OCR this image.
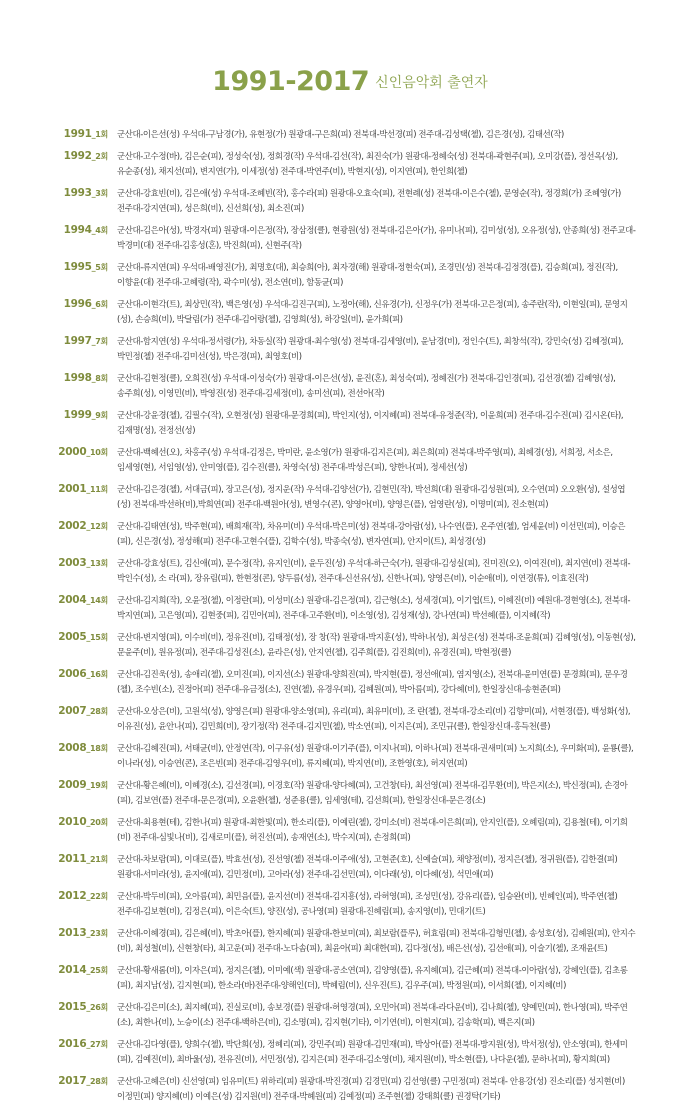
1991-2017 신인음악회 출연자
1991_1회 군산대-이은선(성) 우석대-구남경(가), 유현정(가) 원광대-구은희(피) 전북대-박선경(피) 전주대-김성택(첼), 김은경(성), 김태선(작)
1992_2회 군산대-고수정(바), 김은순(피), 정성숙(성), 정회경(작) 우석대-김선(작), 최진숙(가) 원광대-정혜숙(성) 전북대-곽현주(피), 오미강(플), 정선옥(성), 유순종(성), 채지선(피), 변지연(가), 이세정(성) 전주대-박연주(비), 박현지(성), 이지연(피), 한인희(첼)
1993_3회 군산대-강효빈(비), 김은애(성) 우석대-조혜빈(작), 홍수라(피) 원광대-오효숙(피), 전현례(성) 전북대-이은수(첼), 문영순(작), 정경희(가) 조혜영(가) 전주대-강지연(피), 성은희(비), 신선희(성), 최소진(피)
1994_4회 군산대-김은아(성), 박경자(피) 원광대-이은정(작), 장삼정(클), 현광원(성) 전북대-김은아(가), 유미나(피), 김미성(성), 오유정(성), 안종희(성) 전주교대-박경미(대) 전주대-김홍성(혼), 박진희(피), 신현주(작)
1995_5회 군산대-류지연(피) 우석대-배영진(가), 최명호(대), 최승희(아), 최자경(해) 원광대-정현숙(피), 조경민(성) 전북대-김정경(플), 김승희(피), 정진(작), 이향윤(대) 전주대-고혜령(작), 곽수미(성), 전소연(비), 함동균(피)
1996_6회 군산대-이현각(트), 최상민(작), 백은영(성) 우석대-김진구(피), 노정아(해), 신유경(가), 신정우(가) 전북대-고은정(피), 송주란(작), 이현일(피), 문영지(성), 손승희(비), 박달림(가) 전주대-김어랑(첼), 김영희(성), 하강일(비), 윤가희(피)
1997_7회 군산대-함지연(성) 우석대-정서령(가), 차동실(작) 원광대-최수영(성) 전북대-김세영(비), 윤남경(비), 정인수(트), 최창석(작), 강민숙(성) 김혜정(피), 박민정(첼) 전주대-김미선(성), 박은경(피), 최영호(비)
1998_8회 군산대-김현정(클), 오희진(성) 우석대-이성숙(가) 원광대-이은선(성), 윤진(혼), 최성숙(피), 정혜진(가) 전북대-김인경(피), 김선경(첼) 김혜영(성), 송주희(성), 이영민(비), 박영진(성) 전주대-김세정(비), 송미선(피), 전선아(작)
1999_9회 군산대-강윤경(첼), 김필수(작), 오현정(성) 원광대-문경희(피), 박인지(성), 이지혜(피) 전북대-유정준(작), 이윤희(피) 전주대-김수진(피) 김시온(타), 김재명(성), 전정선(성)
2000_10회 군산대-백혜선(오), 차홍주(성) 우석대-김정은, 박미란, 윤소영(가) 원광대-김지은(피), 최은희(피) 전북대-박주영(피), 최혜경(성), 서희정, 서소은, 임세영(현), 서임영(성), 안미영(플), 김수진(클), 차영숙(성) 전주대-박성은(피), 양한나(피), 정세선(성)
2001_11회 군산대-김은경(첼), 서대금(피), 장고은(성), 정지운(작) 우석대-김양선(가), 김현민(작), 박선희(대) 원광대-김성원(피), 오수연(피) 오오환(성), 설성엽(성) 전북대-박선하(비),박희연(피) 전주대-백원아(성), 변영수(콘), 양영아(비), 양영은(플), 엄영란(성), 이명미(피), 진소현(피)
2002_12회 군산대-김태연(성), 박주현(피), 배희재(작), 차유미(비) 우석대-박은미(성) 전북대-강아람(성), 나수연(플), 온주연(첼), 엄세윤(비) 이선민(피), 이승은(피), 신은경(성), 정성해(피) 전주대-고현수(플), 김학수(성), 박종숙(성), 변자연(피), 안지이(트), 최성경(성)
2003_13회 군산대-강효성(트), 김신애(피), 문수정(작), 유지인(비), 윤두진(성) 우석대-하근숙(가), 원광대-김성실(피), 진미진(오), 이여진(비), 최지연(비) 전북대-박인수(성), 소 라(피), 장유림(피), 한현정(콘), 양두름(성), 전주대-신선유(성), 신한나(피), 양영은(비), 이순애(비), 이연경(튜), 이효진(작)
2004_14회 군산대-김지희(작), 오윤정(첼), 이정란(피), 이성미(소) 원광대-김은정(피), 김근형(소), 성세경(피), 이기엽(트), 이혜진(비) 예원대-경현영(소), 전북대-박지연(피), 고은영(피), 김현중(피), 김민아(피), 전주대-고주환(비), 이소영(성), 김성재(성), 강나연(피) 박선혜(플), 이지혜(작)
2005_15회 군산대-변지영(피), 이수비(비), 정유진(비), 김태정(성), 장 창(작) 원광대-박지훈(성), 박하나(성), 최성은(성) 전북대-조윤희(피) 김혜영(성), 이동현(성), 문윤주(비), 원유정(피), 전주대-김성진(소), 윤라은(성), 안지연(첼), 김주희(플), 김진희(비), 유경진(피), 박현정(클)
2006_16회 군산대-김진욱(성), 송애리(첼), 오미진(피), 이지선(소) 원광대-양희진(피), 박지현(플), 정선애(피), 염지영(소), 전북대-윤미연(플) 문경희(피), 문우경(첼), 조수빈(소), 진정아(피) 전주대-유금정(소), 진연(첼), 유경우(피), 김혜원(피), 박아름(피), 강다혜(비), 한일장신대-송현준(피)
2007_28회 군산대-오상은(비), 고원석(성), 양영은(피) 원광대-양소영(피), 유리(피), 최유미(비), 조 란(첼), 전북대-강소리(비) 김향미(피), 서현경(플), 백성화(성), 이유진(성), 윤안나(피), 김민희(비), 장기정(작) 전주대-김지민(첼), 박소연(피), 이지은(피), 조민규(클), 한일장신대-홍득천(클)
2008_18회 군산대-김혜진(피), 서태균(비), 안정연(작), 이구유(성) 원광대-이기주(플), 이지나(피), 이하나(피) 전북대-권새미(피) 노지희(소), 우미화(피), 윤룡(클), 이나라(성), 이승연(콘), 조은빈(피) 전주대-김영우(비), 류지혜(피), 박지연(비), 조한영(호), 허지연(피)
2009_19회 군산대-황은혜(비), 이혜경(소), 김선경(피), 이경호(작) 원광대-양다혜(피), 고건창(타), 최선영(피) 전북대-김무환(비), 박은지(소), 박신정(피), 손경아(피), 김보연(플) 전주대-문은경(피), 오윤환(첼), 성준용(클), 임세영(테), 김선희(피), 한일장신대-문은경(소)
2010_20회 군산대-최용현(테), 김한나(피) 원광대-최한빛(피), 한소리(플), 이예린(첼), 강미소(비) 전북대-이은희(피), 안지인(플), 오혜림(피), 김용철(테), 이기희(비) 전주대-심빛나(비), 김새로미(플), 허진선(피), 송재연(소), 박수지(피), 손정희(피)
2011_21회 군산대-차보람(피), 이대로(플), 박효선(성), 진선영(첼) 전북대-이주애(성), 고현준(호), 신예슬(피), 채양정(비), 정지은(첼), 정귀원(플), 김한결(피) 원광대-서미라(성), 윤지애(피), 김민정(비), 고아라(성) 전주대-김선민(피), 이다래(성), 이다혜(성), 석민애(피)
2012_22회 군산대-박두비(피), 오아름(피), 최민음(플), 윤지선(비) 전북대-김지흥(성), 라허영(피), 조성민(성), 강유리(플), 임승완(비), 빈혜인(피), 박주연(첼) 전주대-김보현(비), 김정은(피), 이은숙(트), 양진(성), 공나영(피) 원광대-진혜림(피), 송지영(비), 민대기(트)
2013_23회 군산대-이혜경(피), 김은혜(비), 박초아(플), 한지혜(피) 원광대-한보미(피), 최보람(플루), 허효림(피) 전북대-김형민(첼), 송성호(성), 김혜원(피), 안지수(비), 최성철(비), 신현창(타), 최고운(피) 전주대-노다솜(피), 최윤아(피) 최대한(피), 김다정(성), 배은선(성), 김선애(피), 이슬기(첼), 조재윤(트)
2014_25회 군산대-황새롬(비), 이자은(피), 정지은(첼), 이미예(색) 원광대-공소연(피), 김양영(플), 유지혜(피), 김근혜(피) 전북대-이아람(성), 강혜인(플), 김초롱(피), 최지남(성), 김지현(피), 한소라(바)전주대-양해인(더), 박혜림(비), 신우진(트), 김우주(피), 박정원(피), 이서희(첼), 이지혜(비)
2015_26회 군산대-김은미(소), 최지혜(피), 진실로(비), 송보경(플) 원광대-허영경(피), 오민아(피) 전북대-라다운(비), 김나희(첼), 양예민(피), 한나영(피), 박주연(소), 최한나(비), 노승이(소) 전주대-백하은(비), 김소명(피), 김지현(기타), 이기연(비), 이현지(피), 김송학(피), 백은지(피)
2016_27회 군산대-김다영(플), 양희수(첼), 박단희(성), 정혜리(피), 강민주(피) 원광대-김민재(피), 박상아(플) 전북대-방지원(성), 박서정(성), 안소영(피), 한세미(피), 김예진(비), 최바울(성), 전유진(비), 서민정(성), 김지은(피) 전주대-김소영(비), 채지원(비), 박소현(플), 나다운(첼), 문하나(피), 황지희(피)
2017_28회 군산대-고혜은(비) 신선영(피) 임유미(트) 위하리(피) 원광대-박진경(피) 김경민(피) 김선영(클) 구민정(피) 전북대- 안용강(성) 진소리(플) 성지현(비) 이정민(피) 양지혜(비) 이예은(성) 김지원(비) 전주대-박혜원(피) 김예정(피) 조주현(첼) 강태희(클) 권경탁(기타)
